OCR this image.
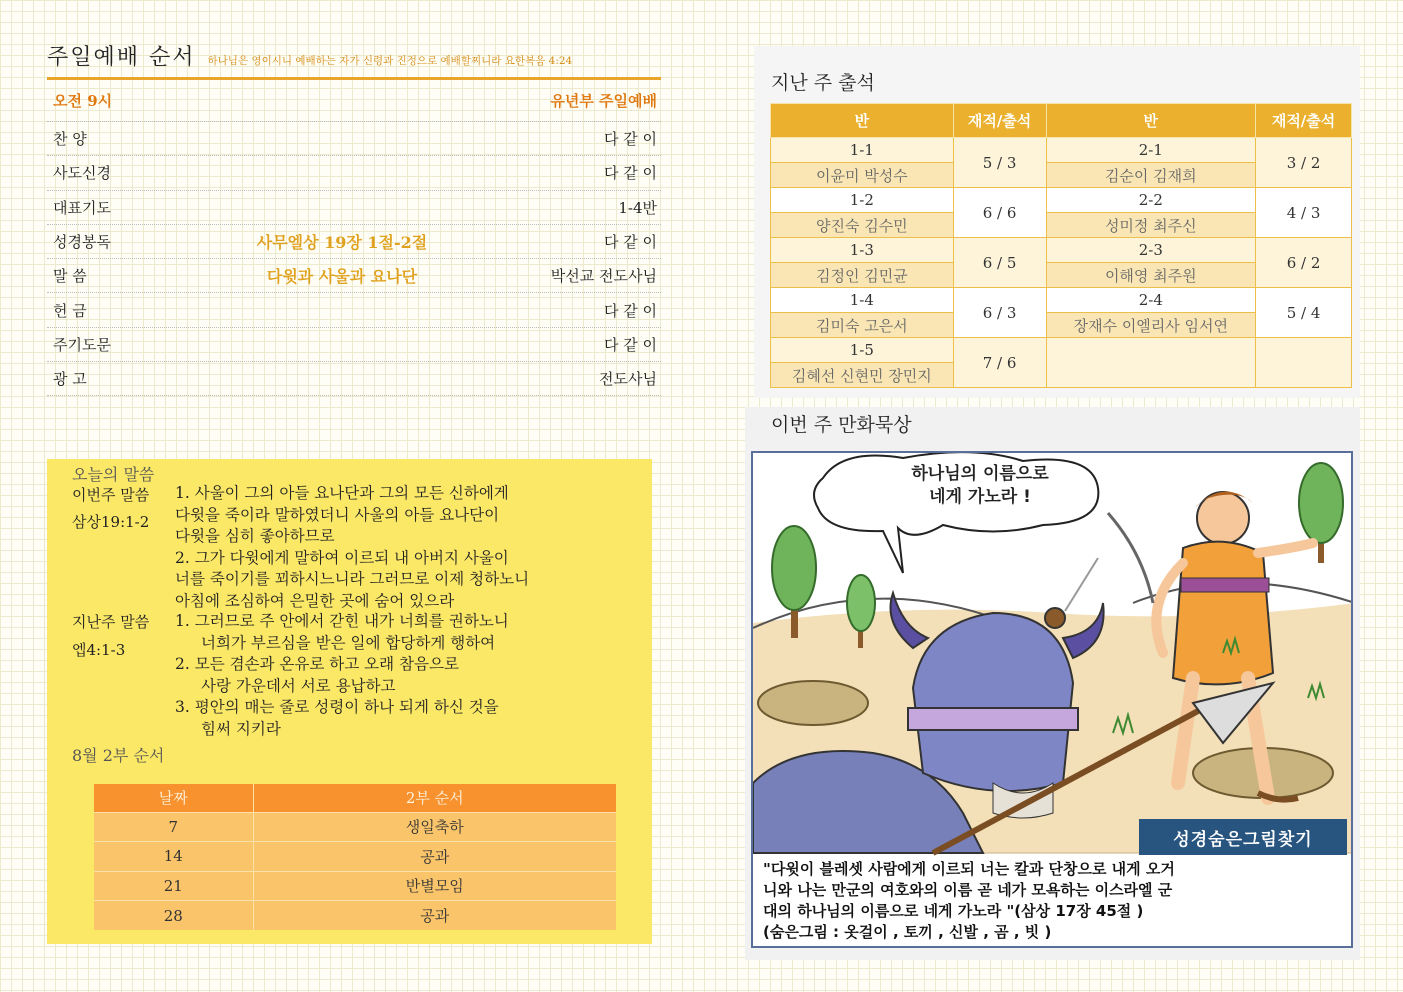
주일예배 순서 하나님은 영이시니 예배하는 자가 신령과 진정으로 예배할찌니라 요한복음 4:24
오전 9시	유년부 주일예배
찬 양	다 같 이
사도신경	다 같 이
대표기도	1-4반
성경봉독	사무엘상 19장 1절-2절	다 같 이
말 씀	다윗과 사울과 요나단	박선교 전도사님
헌 금	다 같 이
주기도문	다 같 이
광 고	전도사님
오늘의 말씀
이번주 말씀
삼상19:1-2
1. 사울이 그의 아들 요나단과 그의 모든 신하에게
다윗을 죽이라 말하였더니 사울의 아들 요나단이
다윗을 심히 좋아하므로
2. 그가 다윗에게 말하여 이르되 내 아버지 사울이
너를 죽이기를 꾀하시느니라 그러므로 이제 청하노니
아침에 조심하여 은밀한 곳에 숨어 있으라
지난주 말씀
엡4:1-3
1. 그러므로 주 안에서 갇힌 내가 너희를 권하노니
너희가 부르심을 받은 일에 합당하게 행하여
2. 모든 겸손과 온유로 하고 오래 참음으로
사랑 가운데서 서로 용납하고
3. 평안의 매는 줄로 성령이 하나 되게 하신 것을
힘써 지키라
8월 2부 순서
날짜	2부 순서
7	생일축하
14	공과
21	반별모임
28	공과
지난 주 출석
반	재적/출석	반	재적/출석
1-1	5 / 3	2-1	3 / 2
이윤미 박성수		김순이 김재희	
1-2	6 / 6	2-2	4 / 3
양진숙 김수민		성미정 최주신	
1-3	6 / 5	2-3	6 / 2
김정인 김민균		이해영 최주원	
1-4	6 / 3	2-4	5 / 4
김미숙 고은서		장재수 이엘리사 임서연	
1-5	7 / 6		
김혜선 신현민 장민지			
이번 주 만화묵상
하나님의 이름으로
네게 가노라 !
성경숨은그림찾기
"다윗이 블레셋 사람에게 이르되 너는 칼과 단창으로 내게 오거
니와 나는 만군의 여호와의 이름 곧 네가 모욕하는 이스라엘 군
대의 하나님의 이름으로 네게 가노라 "(삼상 17장 45절 )
(숨은그림 : 옷걸이 , 토끼 , 신발 , 곰 , 빗 )
